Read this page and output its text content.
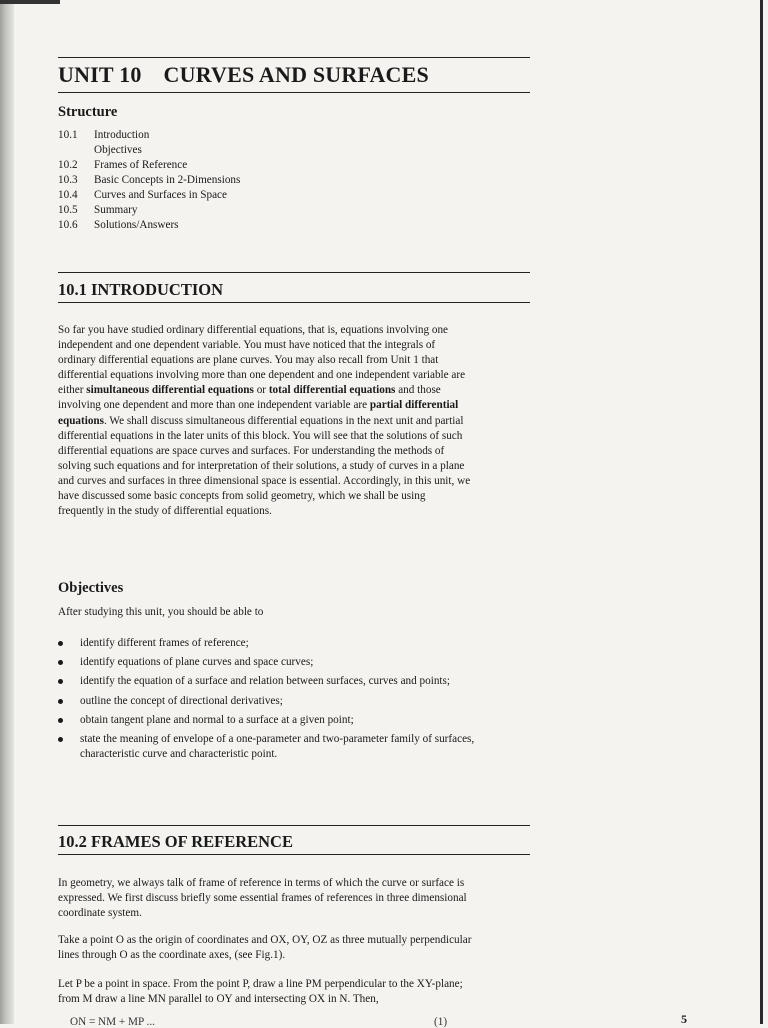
UNIT 10 CURVES AND SURFACES
Structure
10.1	Introduction
Objectives
10.2	Frames of Reference
10.3	Basic Concepts in 2-Dimensions
10.4	Curves and Surfaces in Space
10.5	Summary
10.6	Solutions/Answers
10.1 INTRODUCTION
So far you have studied ordinary differential equations, that is, equations involving one
independent and one dependent variable. You must have noticed that the integrals of
ordinary differential equations are plane curves. You may also recall from Unit 1 that
differential equations involving more than one dependent and one independent variable are
either simultaneous differential equations or total differential equations and those
involving one dependent and more than one independent variable are partial differential
equations. We shall discuss simultaneous differential equations in the next unit and partial
differential equations in the later units of this block. You will see that the solutions of such
differential equations are space curves and surfaces. For understanding the methods of
solving such equations and for interpretation of their solutions, a study of curves in a plane
and curves and surfaces in three dimensional space is essential. Accordingly, in this unit, we
have discussed some basic concepts from solid geometry, which we shall be using
frequently in the study of differential equations.
Objectives
After studying this unit, you should be able to
identify different frames of reference;
identify equations of plane curves and space curves;
identify the equation of a surface and relation between surfaces, curves and points;
outline the concept of directional derivatives;
obtain tangent plane and normal to a surface at a given point;
state the meaning of envelope of a one-parameter and two-parameter family of surfaces,
characteristic curve and characteristic point.
10.2 FRAMES OF REFERENCE
In geometry, we always talk of frame of reference in terms of which the curve or surface is
expressed. We first discuss briefly some essential frames of references in three dimensional
coordinate system.
Take a point O as the origin of coordinates and OX, OY, OZ as three mutually perpendicular
lines through O as the coordinate axes, (see Fig.1).
Let P be a point in space. From the point P, draw a line PM perpendicular to the XY-plane;
from M draw a line MN parallel to OY and intersecting OX in N. Then,
ON = NM + MP ...	(1)	5
